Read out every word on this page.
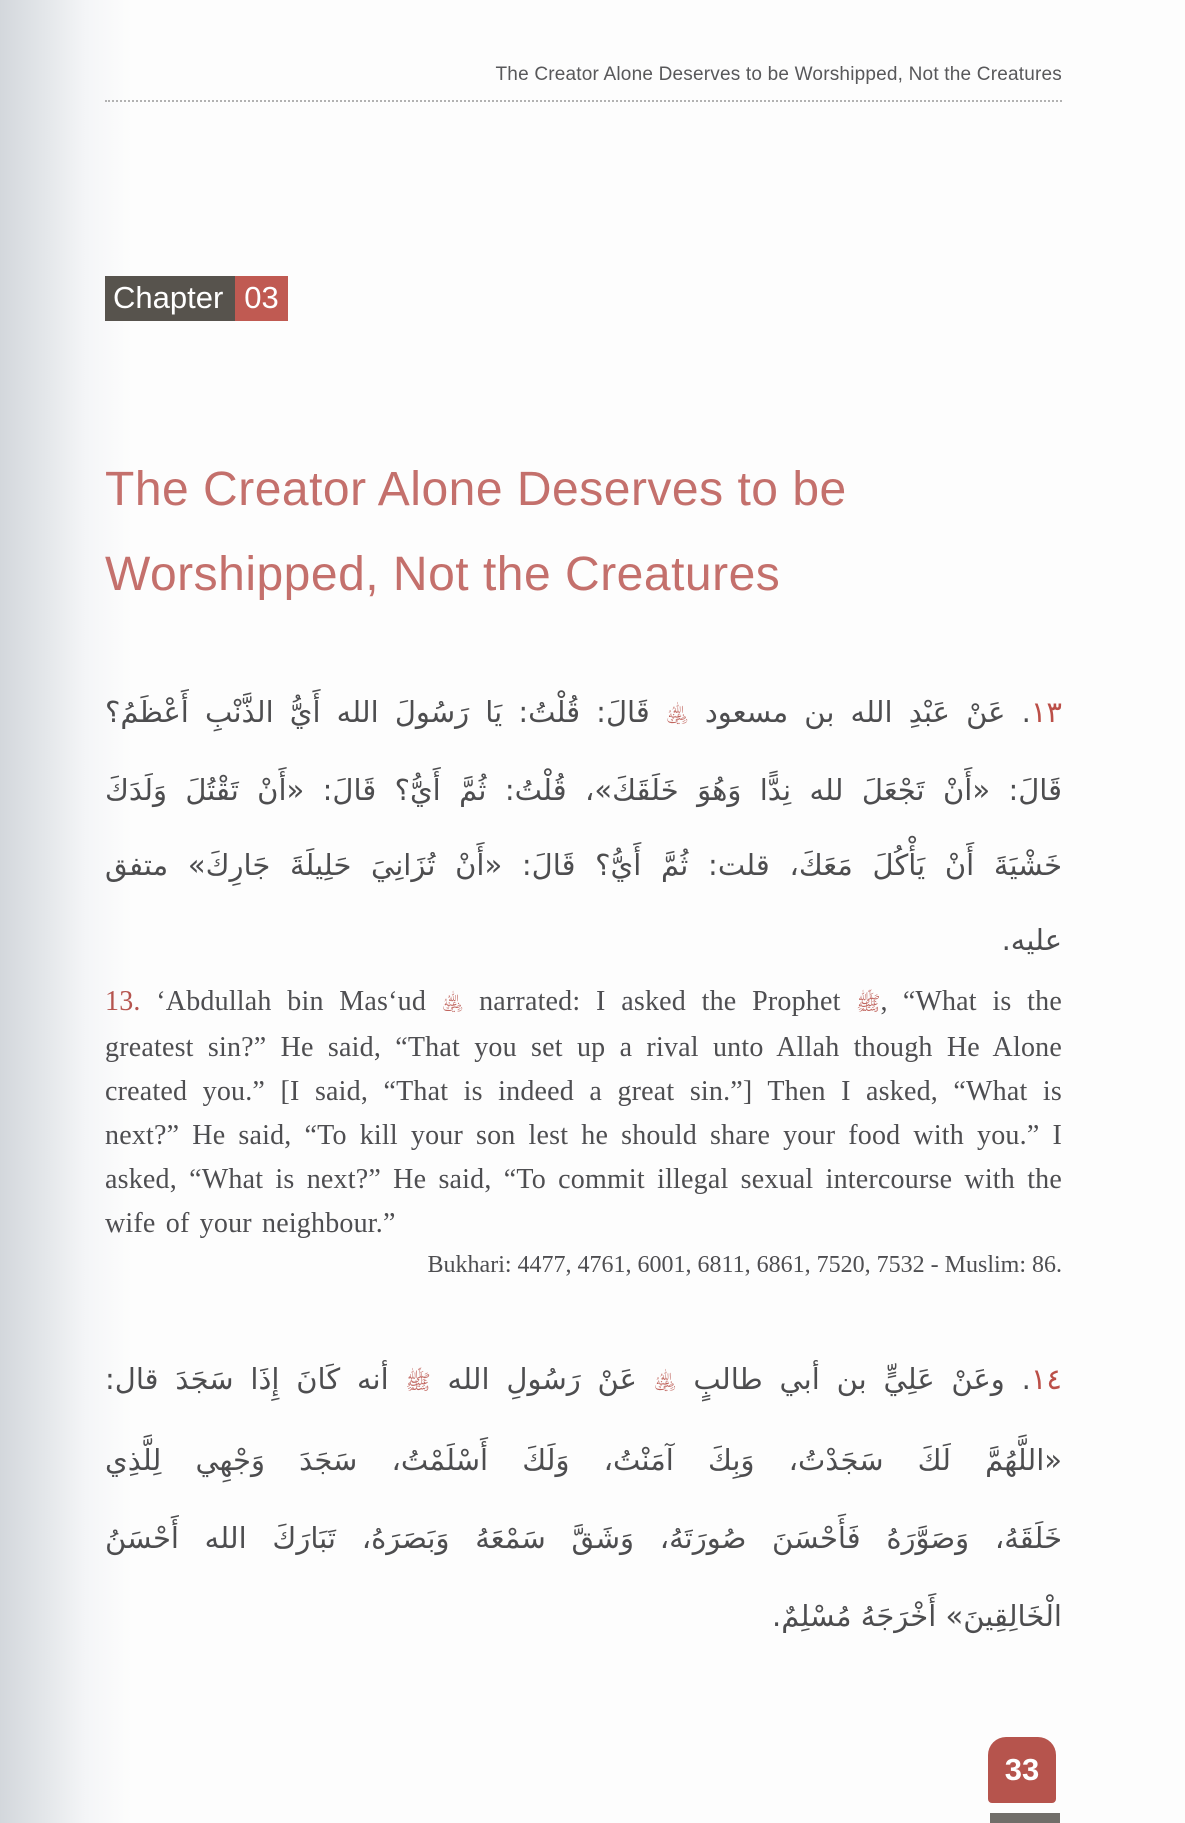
The Creator Alone Deserves to be Worshipped, Not the Creatures
Chapter 03
The Creator Alone Deserves to be
Worshipped, Not the Creatures
١٣. عَنْ عَبْدِ الله بن مسعود ﵁ قَالَ: قُلْتُ: يَا رَسُولَ الله أَيُّ الذَّنْبِ أَعْظَمُ؟
قَالَ: «أَنْ تَجْعَلَ لله نِدًّا وَهُوَ خَلَقَكَ»، قُلْتُ: ثُمَّ أَيُّ؟ قَالَ: «أَنْ تَقْتُلَ وَلَدَكَ
خَشْيَةَ أَنْ يَأْكُلَ مَعَكَ، قلت: ثُمَّ أَيُّ؟ قَالَ: «أَنْ تُزَانِيَ حَلِيلَةَ جَارِكَ» متفق
عليه.

13. ‘Abdullah bin Mas‘ud ﵁ narrated: I asked the Prophet ﷺ, “What is the greatest sin?” He said, “That you set up a rival unto Allah though He Alone created you.” [I said, “That is indeed a great sin.”] Then I asked, “What is next?” He said, “To kill your son lest he should share your food with you.” I asked, “What is next?” He said, “To commit illegal sexual intercourse with the wife of your neighbour.”

Bukhari: 4477, 4761, 6001, 6811, 6861, 7520, 7532 - Muslim: 86.
١٤. وعَنْ عَلِيٍّ بن أبي طالبٍ ﵁ عَنْ رَسُولِ الله ﷺ أنه كَانَ إِذَا سَجَدَ قال:
«اللَّهُمَّ لَكَ سَجَدْتُ، وَبِكَ آمَنْتُ، وَلَكَ أَسْلَمْتُ، سَجَدَ وَجْهِي لِلَّذِي
خَلَقَهُ، وَصَوَّرَهُ فَأَحْسَنَ صُورَتَهُ، وَشَقَّ سَمْعَهُ وَبَصَرَهُ، تَبَارَكَ الله أَحْسَنُ
الْخَالِقِينَ» أَخْرَجَهُ مُسْلِمٌ.
33
